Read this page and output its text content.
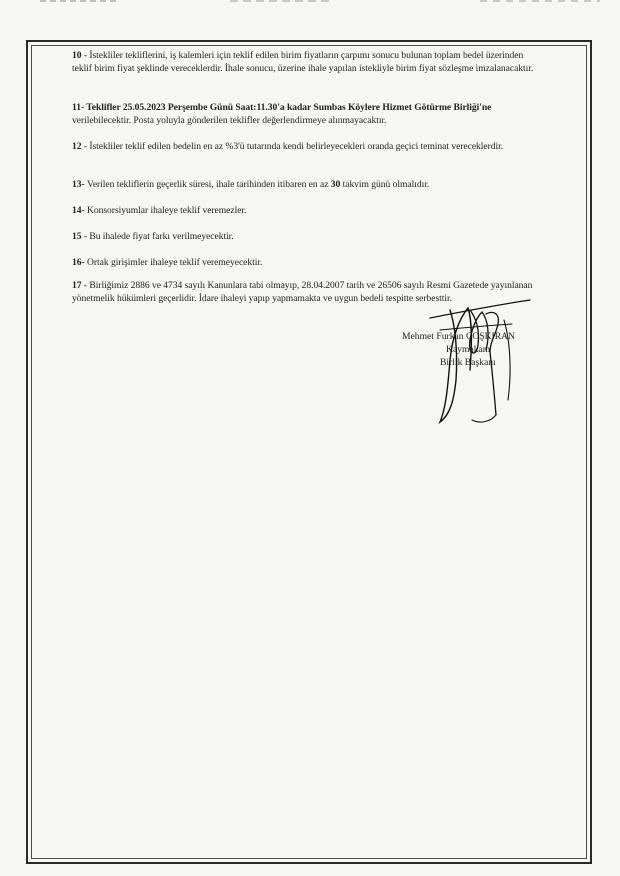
10 - İstekliler tekliflerini, iş kalemleri için teklif edilen birim fiyatların çarpımı sonucu bulunan toplam bedel üzerinden teklif birim fiyat şeklinde vereceklerdir. İhale sonucu, üzerine ihale yapılan istekliyle birim fiyat sözleşme imzalanacaktır.

11- Teklifler 25.05.2023 Perşembe Günü Saat:11.30'a kadar Sumbas Köylere Hizmet Götürme Birliği'ne verilebilecektir. Posta yoluyla gönderilen teklifler değerlendirmeye alınmayacaktır.

12 - İstekliler teklif edilen bedelin en az %3'ü tutarında kendi belirleyecekleri oranda geçici teminat vereceklerdir.

13- Verilen tekliflerin geçerlik süresi, ihale tarihinden itibaren en az 30 takvim günü olmalıdır.

14- Konsorsiyumlar ihaleye teklif veremezler.

15 - Bu ihalede fiyat farkı verilmeyecektir.

16- Ortak girişimler ihaleye teklif veremeyecektir.

17 - Birliğimiz 2886 ve 4734 sayılı Kanunlara tabi olmayıp, 28.04.2007 tarih ve 26506 sayılı Resmi Gazetede yayınlanan yönetmelik hükümleri geçerlidir. İdare ihaleyi yapıp yapmamakta ve uygun bedeli tespitte serbesttir.

Mehmet Furkan COŞKIRAN
Kaymakam
Birlik Başkanı
